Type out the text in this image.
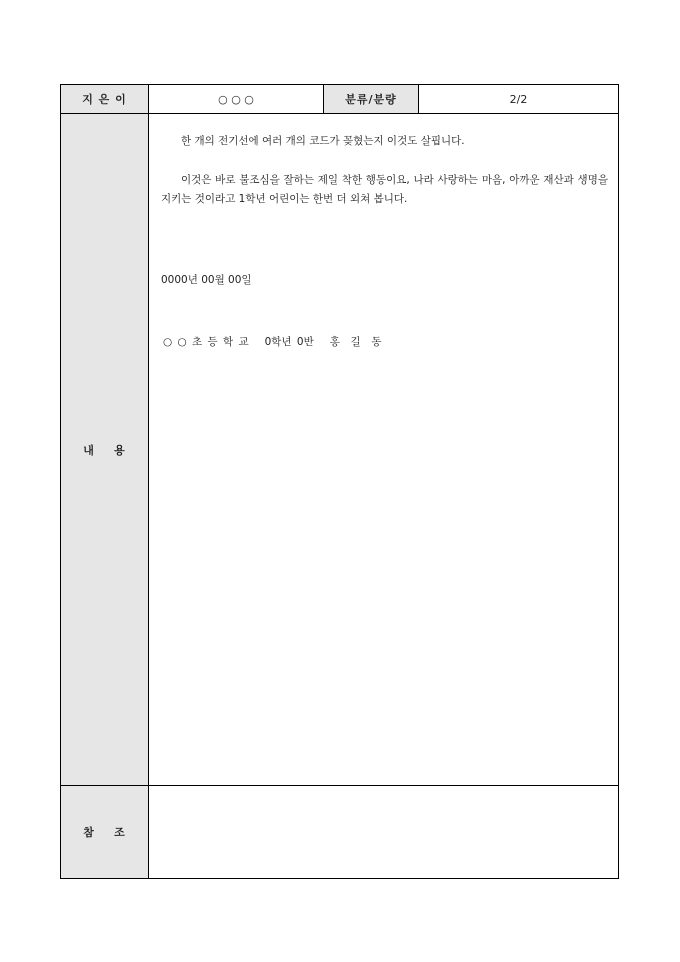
지 은 이	○ ○ ○	분류/분량	2/2
내    용	한 개의 전기선에 여러 개의 코드가 꽂혔는지 이것도 살핍니다.
이것은 바로 불조심을 잘하는 제일 착한 행동이요, 나라 사랑하는 마음, 아까운 재산과 생명을 지키는 것이라고 1학년 어린이는 한번 더 외쳐 봅니다.
0000년 00월 00일
○ ○ 초 등 학 교   0학년 0반   홍  길  동		

참    조			
